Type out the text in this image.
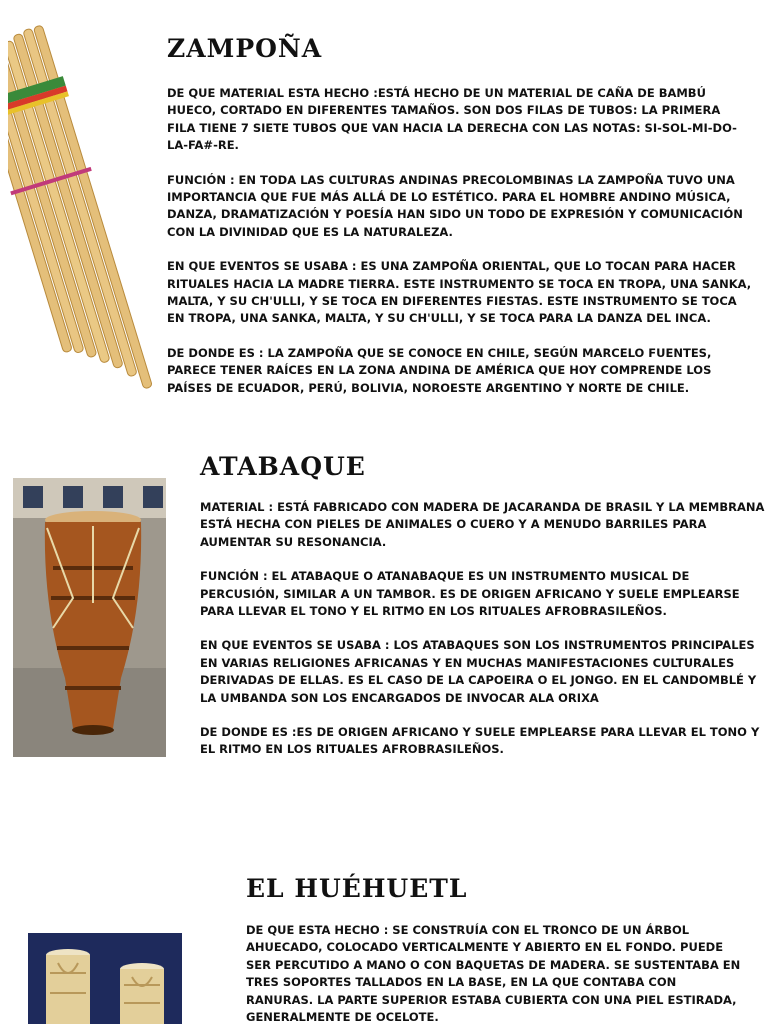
ZAMPOÑA

DE QUE MATERIAL ESTA HECHO :ESTÁ HECHO DE UN MATERIAL DE CAÑA DE BAMBÚ HUECO, CORTADO EN DIFERENTES TAMAÑOS. SON DOS FILAS DE TUBOS: LA PRIMERA FILA TIENE 7 SIETE TUBOS QUE VAN HACIA LA DERECHA CON LAS NOTAS: SI-SOL-MI-DO-LA-FA#-RE.

FUNCIÓN : EN TODA LAS CULTURAS ANDINAS PRECOLOMBINAS LA ZAMPOÑA TUVO UNA IMPORTANCIA QUE FUE MÁS ALLÁ DE LO ESTÉTICO. PARA EL HOMBRE ANDINO MÚSICA, DANZA, DRAMATIZACIÓN Y POESÍA HAN SIDO UN TODO DE EXPRESIÓN Y COMUNICACIÓN CON LA DIVINIDAD QUE ES LA NATURALEZA.

EN QUE EVENTOS SE USABA : ES UNA ZAMPOÑA ORIENTAL, QUE LO TOCAN PARA HACER RITUALES HACIA LA MADRE TIERRA. ESTE INSTRUMENTO SE TOCA EN TROPA, UNA SANKA, MALTA, Y SU CH'ULLI, Y SE TOCA EN DIFERENTES FIESTAS. ESTE INSTRUMENTO SE TOCA EN TROPA, UNA SANKA, MALTA, Y SU CH'ULLI, Y SE TOCA PARA LA DANZA DEL INCA.

DE DONDE ES : LA ZAMPOÑA QUE SE CONOCE EN CHILE, SEGÚN MARCELO FUENTES, PARECE TENER RAÍCES EN LA ZONA ANDINA DE AMÉRICA QUE HOY COMPRENDE LOS PAÍSES DE ECUADOR, PERÚ, BOLIVIA, NOROESTE ARGENTINO Y NORTE DE CHILE.

ATABAQUE

MATERIAL : ESTÁ FABRICADO CON MADERA DE JACARANDA DE BRASIL Y LA MEMBRANA ESTÁ HECHA CON PIELES DE ANIMALES O CUERO Y A MENUDO BARRILES PARA AUMENTAR SU RESONANCIA.

FUNCIÓN : EL ATABAQUE O ATANABAQUE ES UN INSTRUMENTO MUSICAL DE PERCUSIÓN, SIMILAR A UN TAMBOR. ES DE ORIGEN AFRICANO Y SUELE EMPLEARSE PARA LLEVAR EL TONO Y EL RITMO EN LOS RITUALES AFROBRASILEÑOS.

EN QUE EVENTOS SE USABA : LOS ATABAQUES SON LOS INSTRUMENTOS PRINCIPALES EN VARIAS RELIGIONES AFRICANAS Y EN MUCHAS MANIFESTACIONES CULTURALES DERIVADAS DE ELLAS. ES EL CASO DE LA CAPOEIRA O EL JONGO. EN EL CANDOMBLÉ Y LA UMBANDA SON LOS ENCARGADOS DE INVOCAR ALA ORIXA

DE DONDE ES :ES DE ORIGEN AFRICANO Y SUELE EMPLEARSE PARA LLEVAR EL TONO Y EL RITMO EN LOS RITUALES AFROBRASILEÑOS.

EL HUÉHUETL

DE QUE ESTA HECHO : SE CONSTRUÍA CON EL TRONCO DE UN ÁRBOL AHUECADO, COLOCADO VERTICALMENTE Y ABIERTO EN EL FONDO. PUEDE SER PERCUTIDO A MANO O CON BAQUETAS DE MADERA. SE SUSTENTABA EN TRES SOPORTES TALLADOS EN LA BASE, EN LA QUE CONTABA CON RANURAS. LA PARTE SUPERIOR ESTABA CUBIERTA CON UNA PIEL ESTIRADA, GENERALMENTE DE OCELOTE.
